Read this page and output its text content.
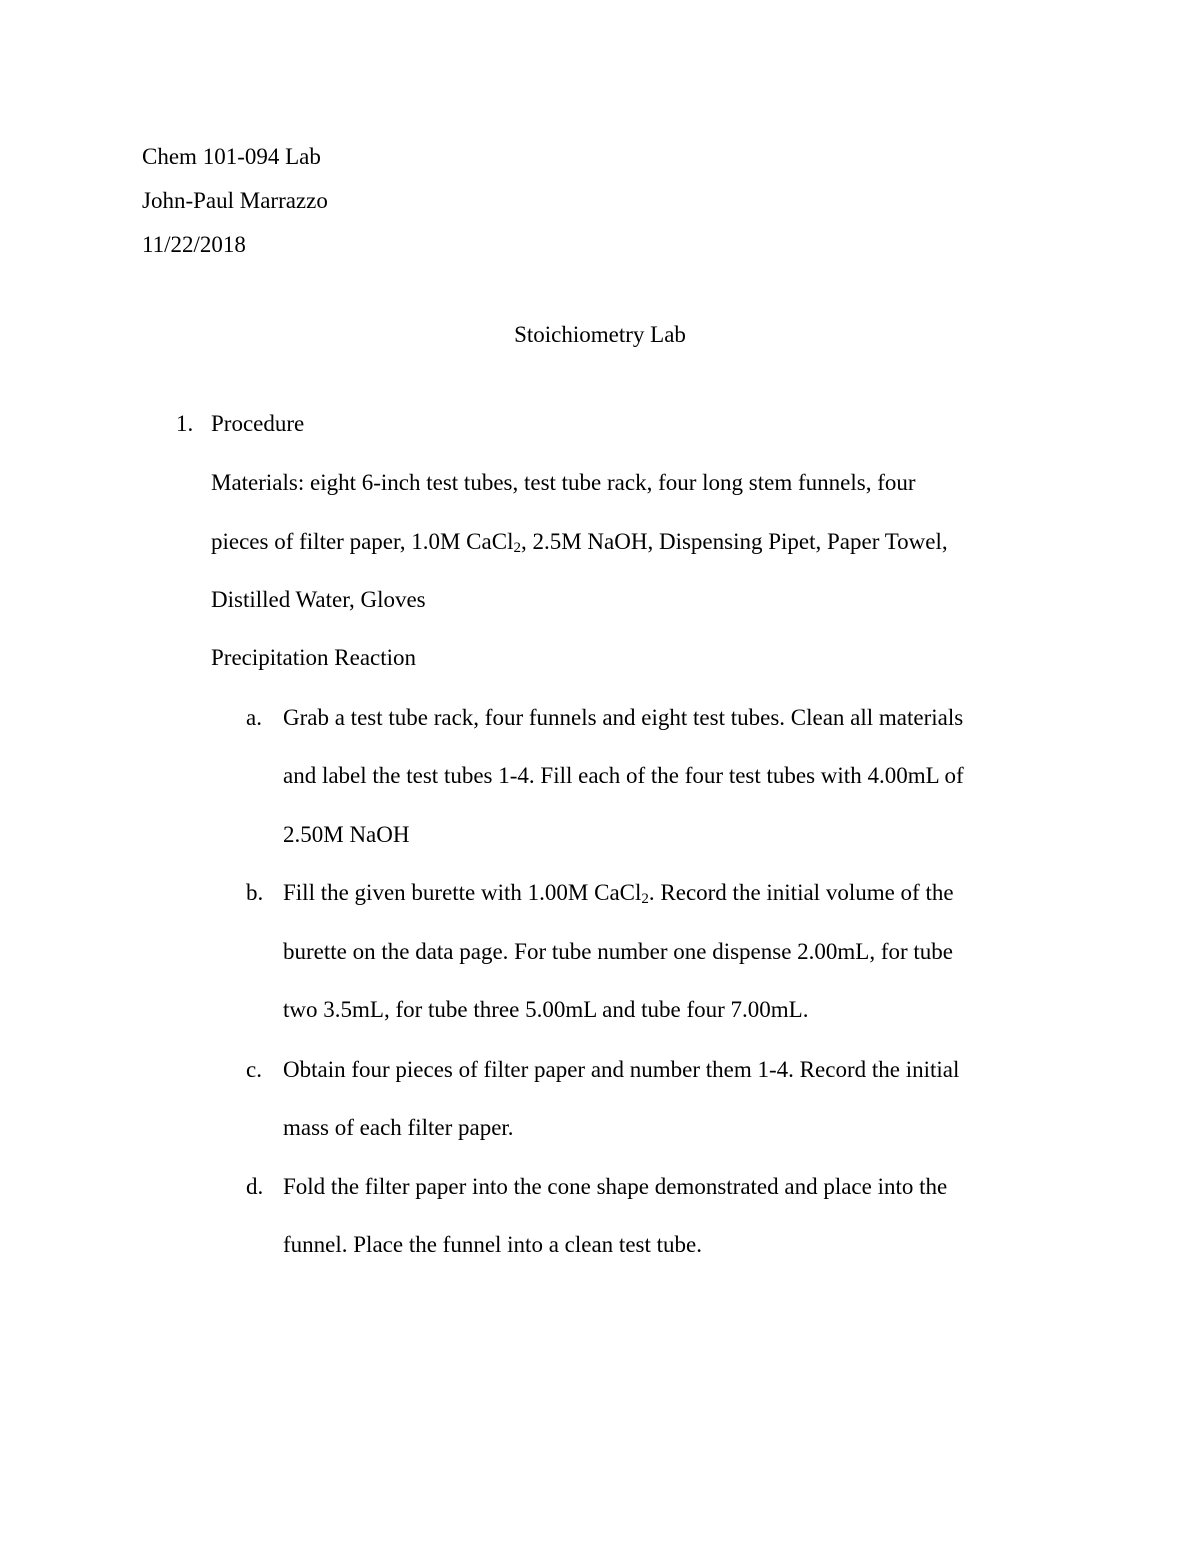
Chem 101-094 Lab
John-Paul Marrazzo
11/22/2018
Stoichiometry Lab
1. Procedure
Materials: eight 6-inch test tubes, test tube rack, four long stem funnels, four
pieces of filter paper, 1.0M CaCl$_2$, 2.5M NaOH, Dispensing Pipet, Paper Towel,
Distilled Water, Gloves
Precipitation Reaction
a. Grab a test tube rack, four funnels and eight test tubes. Clean all materials
and label the test tubes 1-4. Fill each of the four test tubes with 4.00mL of
2.50M NaOH
b. Fill the given burette with 1.00M CaCl$_2$. Record the initial volume of the
burette on the data page. For tube number one dispense 2.00mL, for tube
two 3.5mL, for tube three 5.00mL and tube four 7.00mL.
c. Obtain four pieces of filter paper and number them 1-4. Record the initial
mass of each filter paper.
d. Fold the filter paper into the cone shape demonstrated and place into the
funnel. Place the funnel into a clean test tube.
